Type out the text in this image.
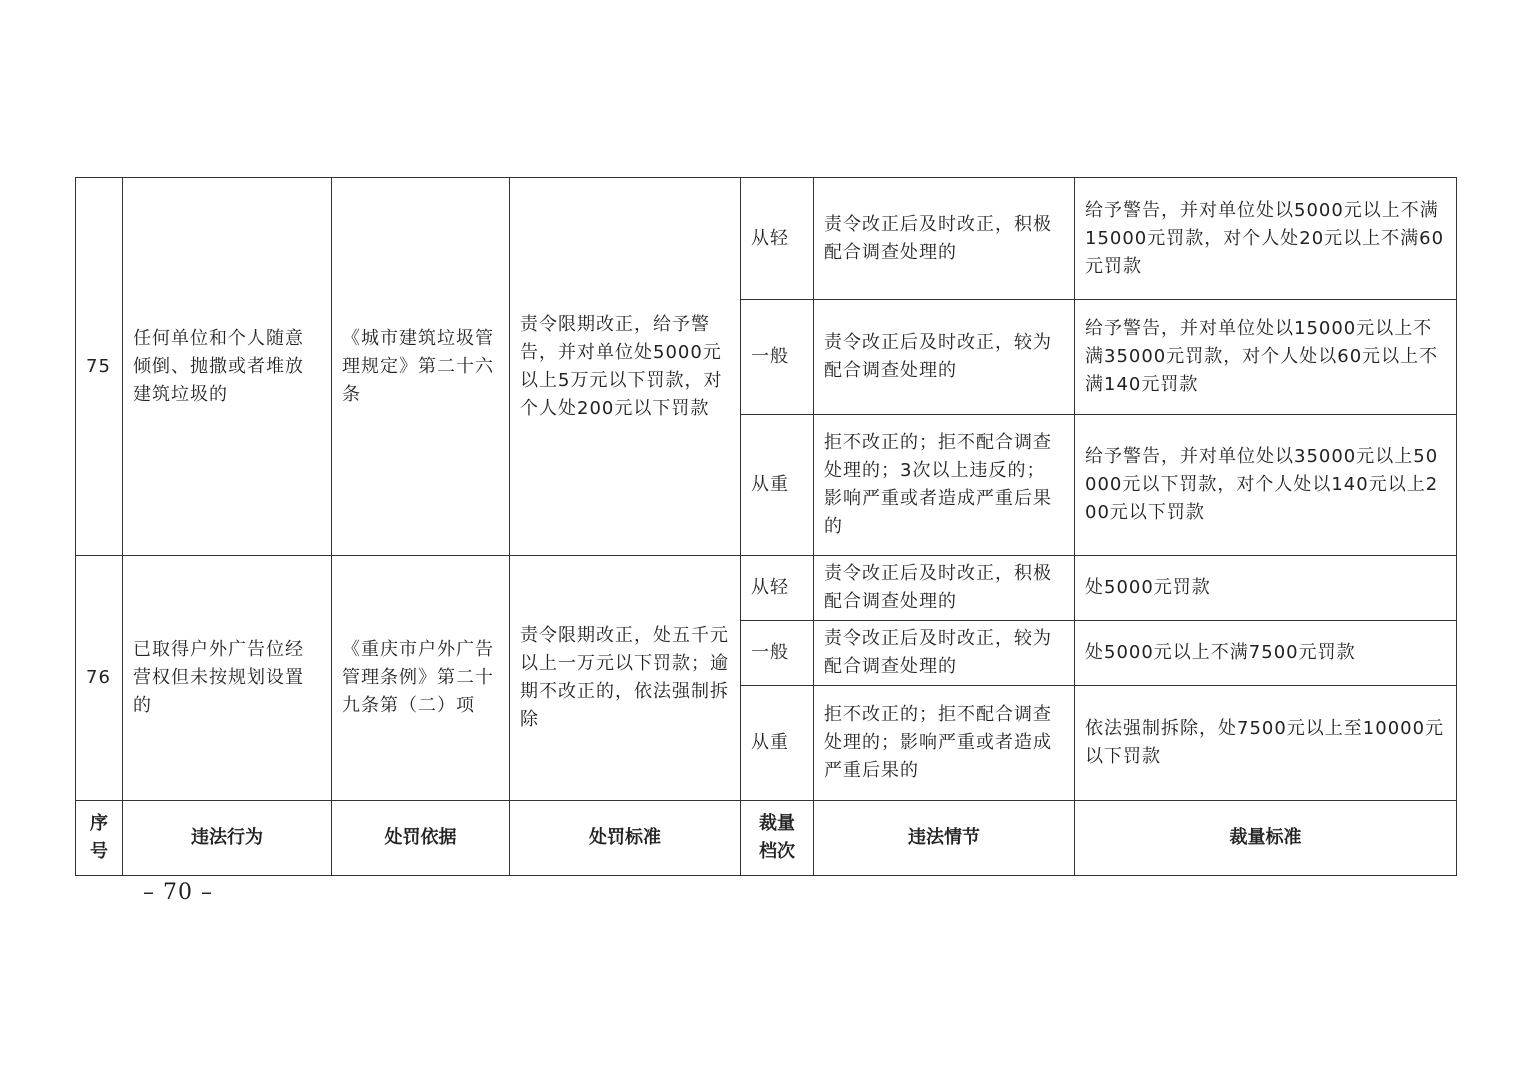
75	任何单位和个人随意倾倒、抛撒或者堆放建筑垃圾的	《城市建筑垃圾管理规定》第二十六条	责令限期改正，给予警告，并对单位处5000元以上5万元以下罚款，对个人处200元以下罚款	从轻	责令改正后及时改正，积极配合调查处理的	给予警告，并对单位处以5000元以上不满15000元罚款，对个人处20元以上不满60元罚款
				一般	责令改正后及时改正，较为配合调查处理的	给予警告，并对单位处以15000元以上不满35000元罚款，对个人处以60元以上不满140元罚款
				从重	拒不改正的；拒不配合调查处理的；3次以上违反的；影响严重或者造成严重后果的	给予警告，并对单位处以35000元以上50000元以下罚款，对个人处以140元以上200元以下罚款
76	已取得户外广告位经营权但未按规划设置的	《重庆市户外广告管理条例》第二十九条第（二）项	责令限期改正，处五千元以上一万元以下罚款；逾期不改正的，依法强制拆除	从轻	责令改正后及时改正，积极配合调查处理的	处5000元罚款
				一般	责令改正后及时改正，较为配合调查处理的	处5000元以上不满7500元罚款
				从重	拒不改正的；拒不配合调查处理的；影响严重或者造成严重后果的	依法强制拆除，处7500元以上至10000元以下罚款
序号	违法行为	处罚依据	处罚标准	裁量档次	违法情节	裁量标准
– 70 –
